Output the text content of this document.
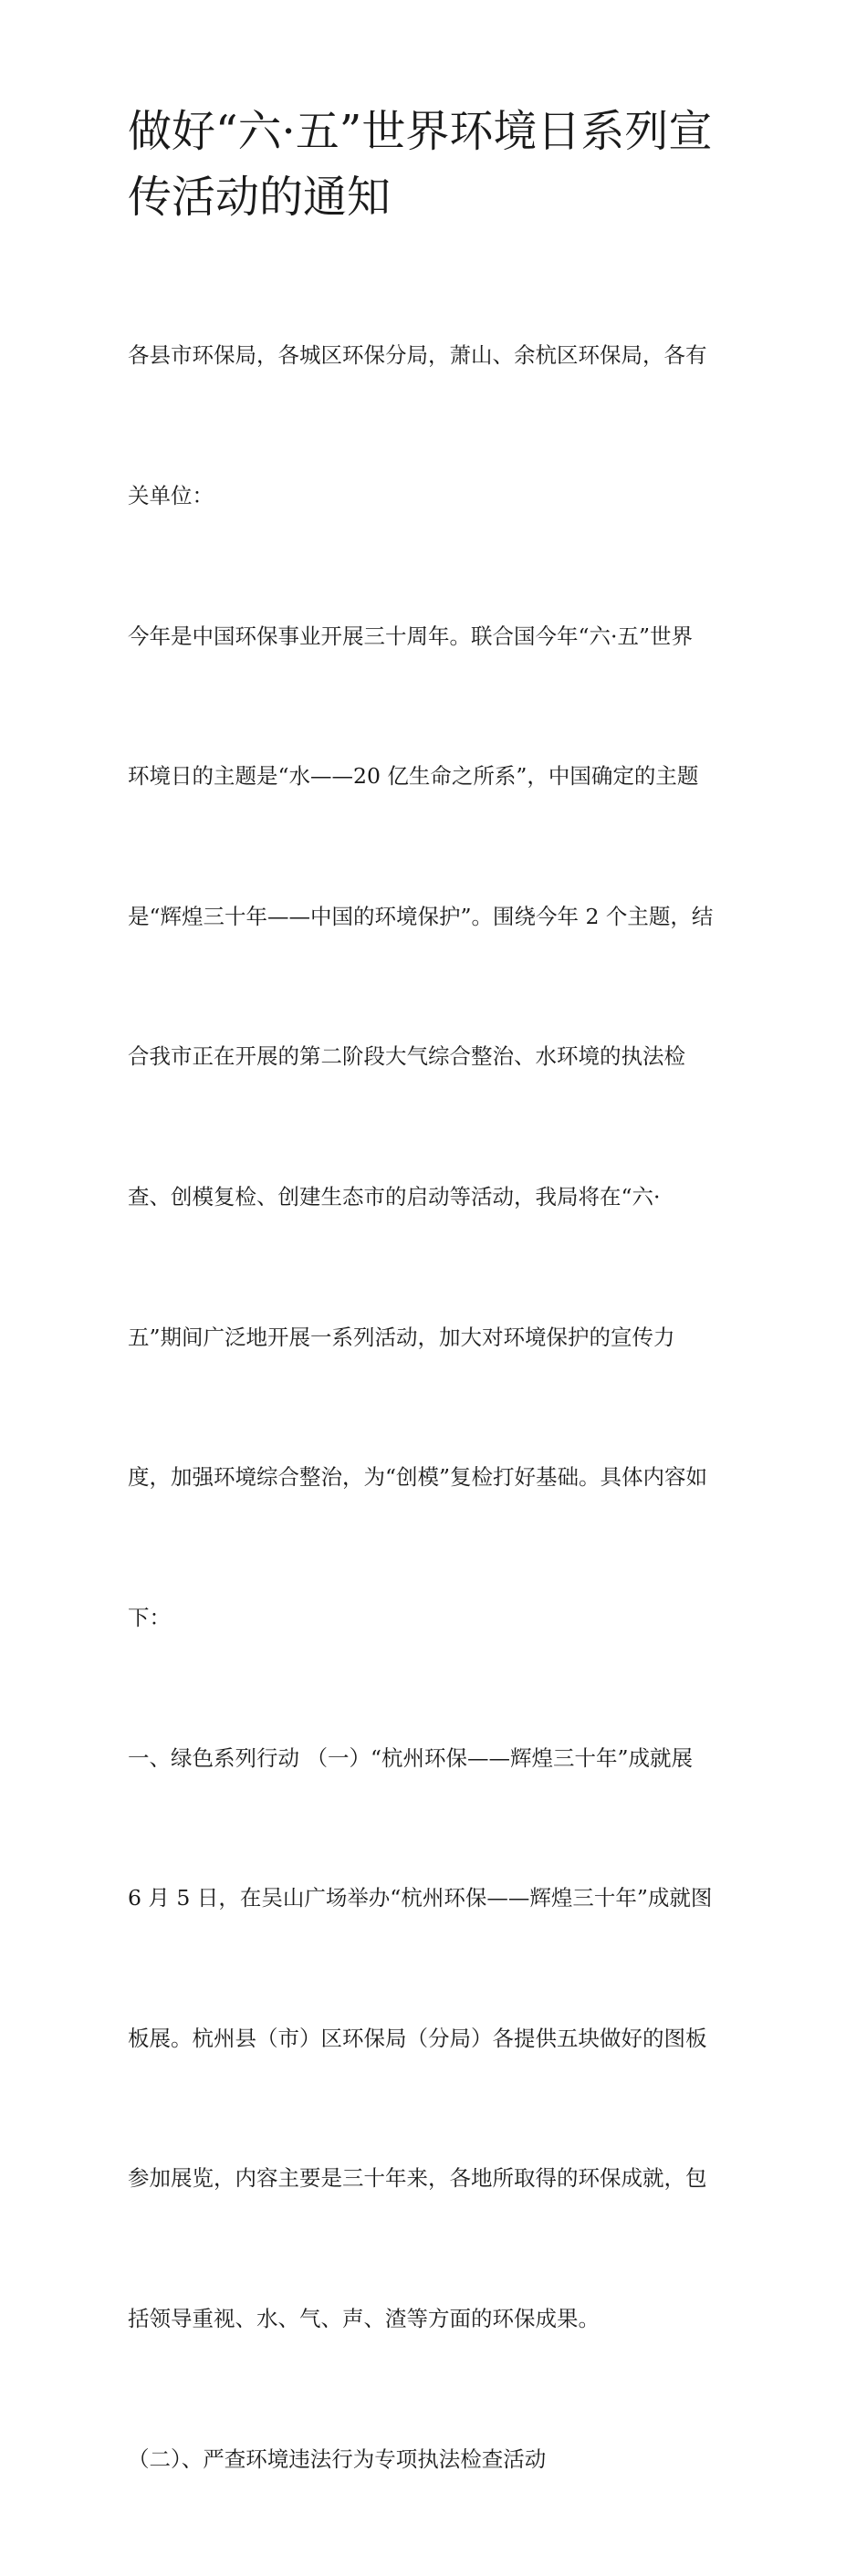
做好“六·五”世界环境日系列宣
传活动的通知

各县市环保局，各城区环保分局，萧山、余杭区环保局，各有

关单位：

今年是中国环保事业开展三十周年。联合国今年“六·五”世界

环境日的主题是“水——20 亿生命之所系”，中国确定的主题

是“辉煌三十年——中国的环境保护”。围绕今年 2 个主题，结

合我市正在开展的第二阶段大气综合整治、水环境的执法检

查、创模复检、创建生态市的启动等活动，我局将在“六·

五”期间广泛地开展一系列活动，加大对环境保护的宣传力

度，加强环境综合整治，为“创模”复检打好基础。具体内容如

下：

一、绿色系列行动 （一）“杭州环保——辉煌三十年”成就展

6 月 5 日，在吴山广场举办“杭州环保——辉煌三十年”成就图

板展。杭州县（市）区环保局（分局）各提供五块做好的图板

参加展览，内容主要是三十年来，各地所取得的环保成就，包

括领导重视、水、气、声、渣等方面的环保成果。

（二）、严查环境违法行为专项执法检查活动
